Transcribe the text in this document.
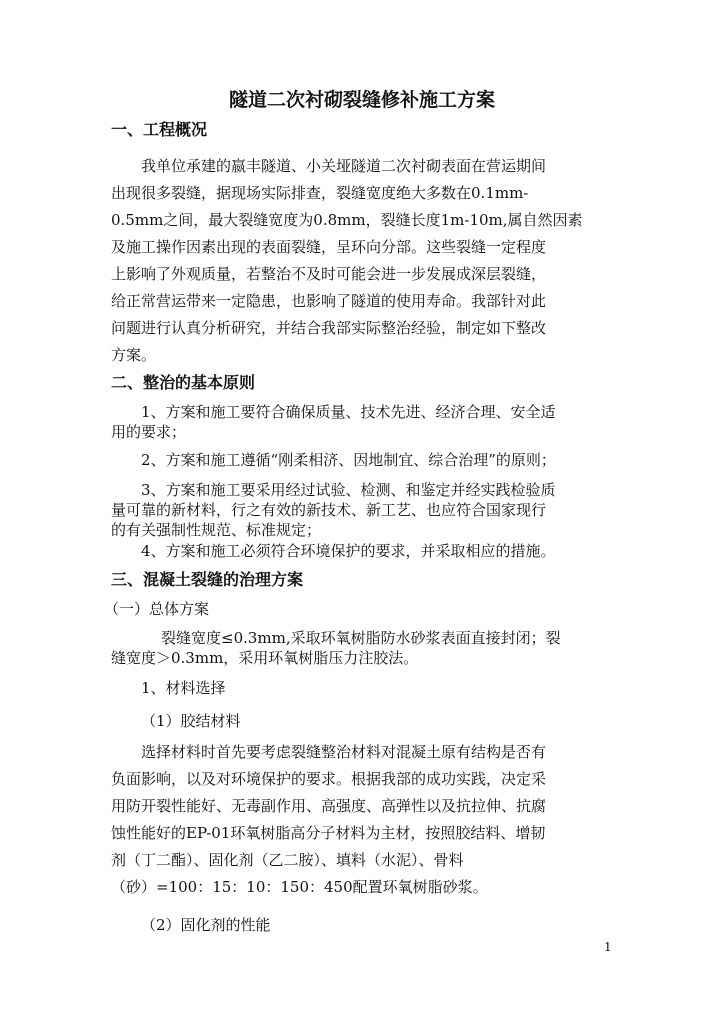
隧道二次衬砌裂缝修补施工方案
一、工程概况
我单位承建的嬴丰隧道、小关垭隧道二次衬砌表面在营运期间
出现很多裂缝，据现场实际排查，裂缝宽度绝大多数在0.1mm-
0.5mm之间，最大裂缝宽度为0.8mm，裂缝长度1m-10m,属自然因素
及施工操作因素出现的表面裂缝，呈环向分部。这些裂缝一定程度
上影响了外观质量，若整治不及时可能会进一步发展成深层裂缝，
给正常营运带来一定隐患，也影响了隧道的使用寿命。我部针对此
问题进行认真分析研究，并结合我部实际整治经验，制定如下整改
方案。
二、整治的基本原则
1、方案和施工要符合确保质量、技术先进、经济合理、安全适
用的要求；
2、方案和施工遵循“刚柔相济、因地制宜、综合治理”的原则；
3、方案和施工要采用经过试验、检测、和鉴定并经实践检验质
量可靠的新材料，行之有效的新技术、新工艺、也应符合国家现行
的有关强制性规范、标准规定；
4、方案和施工必须符合环境保护的要求，并采取相应的措施。
三、混凝土裂缝的治理方案
（一）总体方案
裂缝宽度≤0.3mm,采取环氧树脂防水砂浆表面直接封闭；裂
缝宽度＞0.3mm，采用环氧树脂压力注胶法。
1、材料选择
（1）胶结材料
选择材料时首先要考虑裂缝整治材料对混凝土原有结构是否有
负面影响，以及对环境保护的要求。根据我部的成功实践，决定采
用防开裂性能好、无毒副作用、高强度、高弹性以及抗拉伸、抗腐
蚀性能好的EP-01环氧树脂高分子材料为主材，按照胶结料、增韧
剂（丁二酯）、固化剂（乙二胺）、填料（水泥）、骨料
（砂）=100：15：10：150：450配置环氧树脂砂浆。
（2）固化剂的性能
1
